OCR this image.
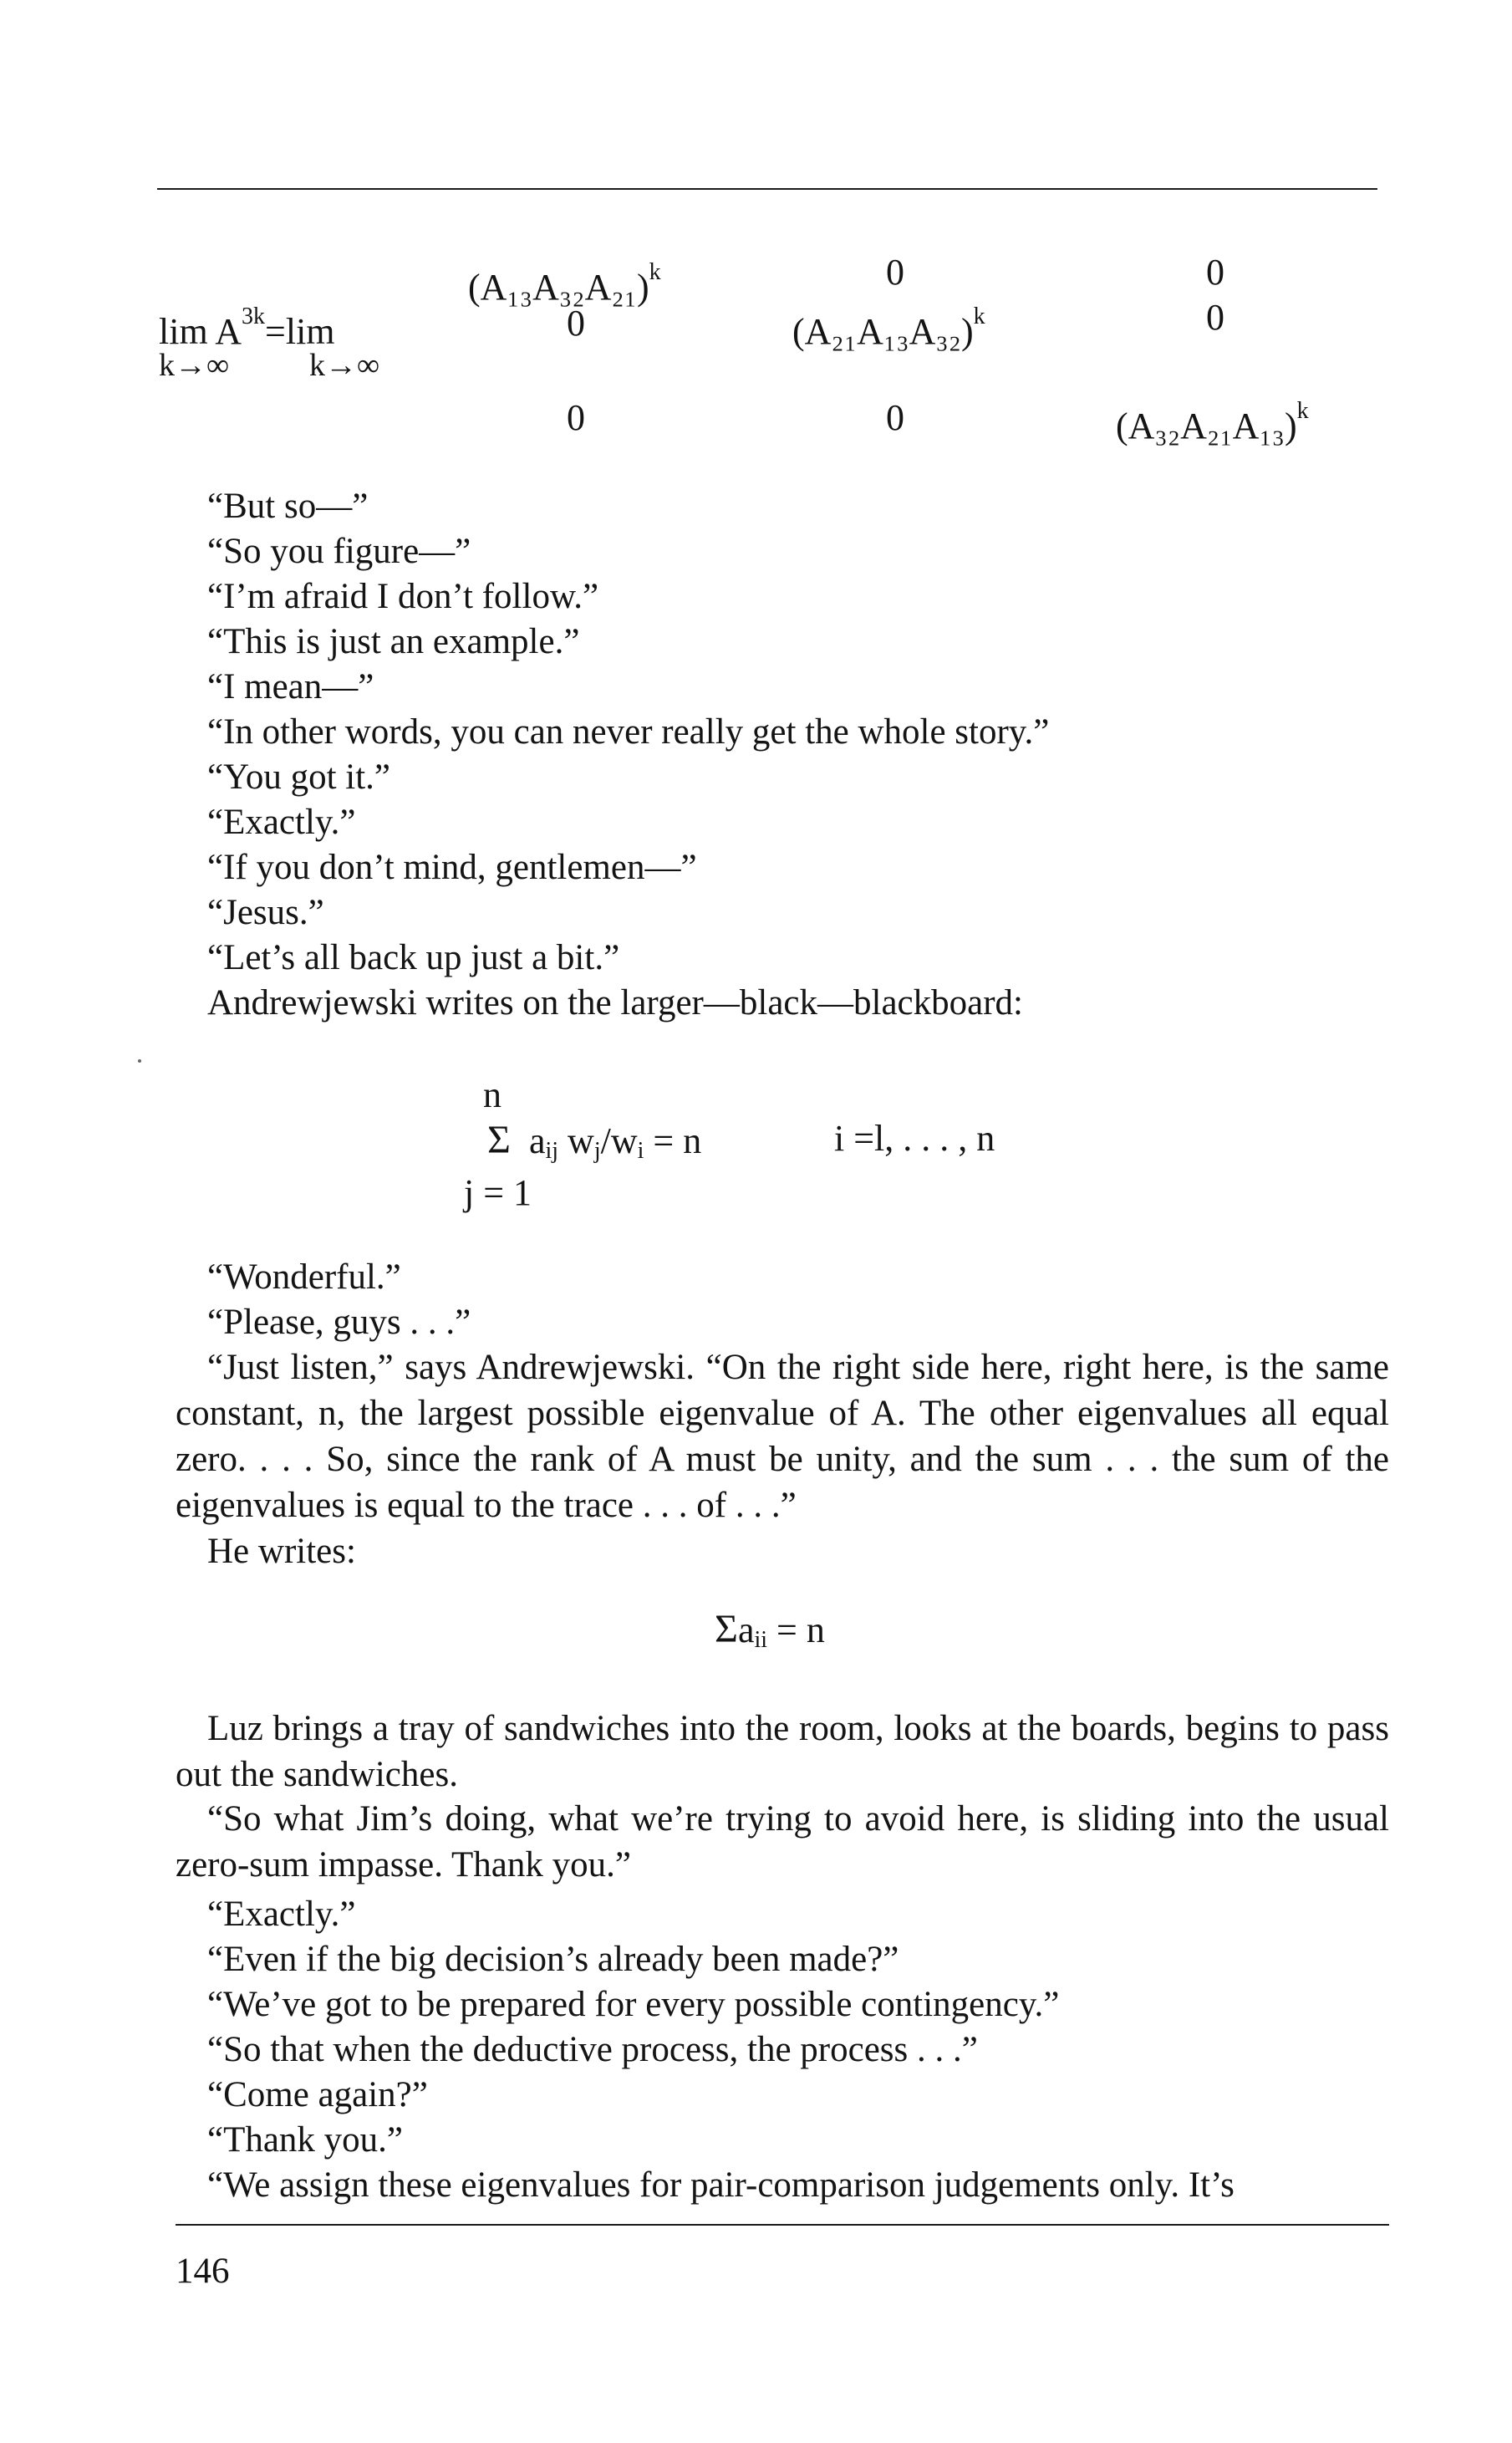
$\lim A^{3k}=\lim$
k→∞	k→∞
$(A_{13}A_{32}A_{21})^k$	0	0
0	$(A_{21}A_{13}A_{32})^k$	0
0	0	$(A_{32}A_{21}A_{13})^k$
“But so—”
“So you figure—”
“I’m afraid I don’t follow.”
“This is just an example.”
“I mean—”
“In other words, you can never really get the whole story.”
“You got it.”
“Exactly.”
“If you don’t mind, gentlemen—”
“Jesus.”
“Let’s all back up just a bit.”
Andrewjewski writes on the larger—black—blackboard:
n
Σ aij wj/wi = n	i =l, . . . , n
j = 1
“Wonderful.”
“Please, guys . . .”
“Just listen,” says Andrewjewski. “On the right side here, right here, is the same constant, n, the largest possible eigenvalue of A. The other eigenvalues all equal zero. . . . So, since the rank of A must be unity, and the sum . . . the sum of the eigenvalues is equal to the trace . . . of . . .”
He writes:
Σaii = n
Luz brings a tray of sandwiches into the room, looks at the boards, begins to pass out the sandwiches.
“So what Jim’s doing, what we’re trying to avoid here, is sliding into the usual zero-sum impasse. Thank you.”
“Exactly.”
“Even if the big decision’s already been made?”
“We’ve got to be prepared for every possible contingency.”
“So that when the deductive process, the process . . .”
“Come again?”
“Thank you.”
“We assign these eigenvalues for pair-comparison judgements only. It’s
146
